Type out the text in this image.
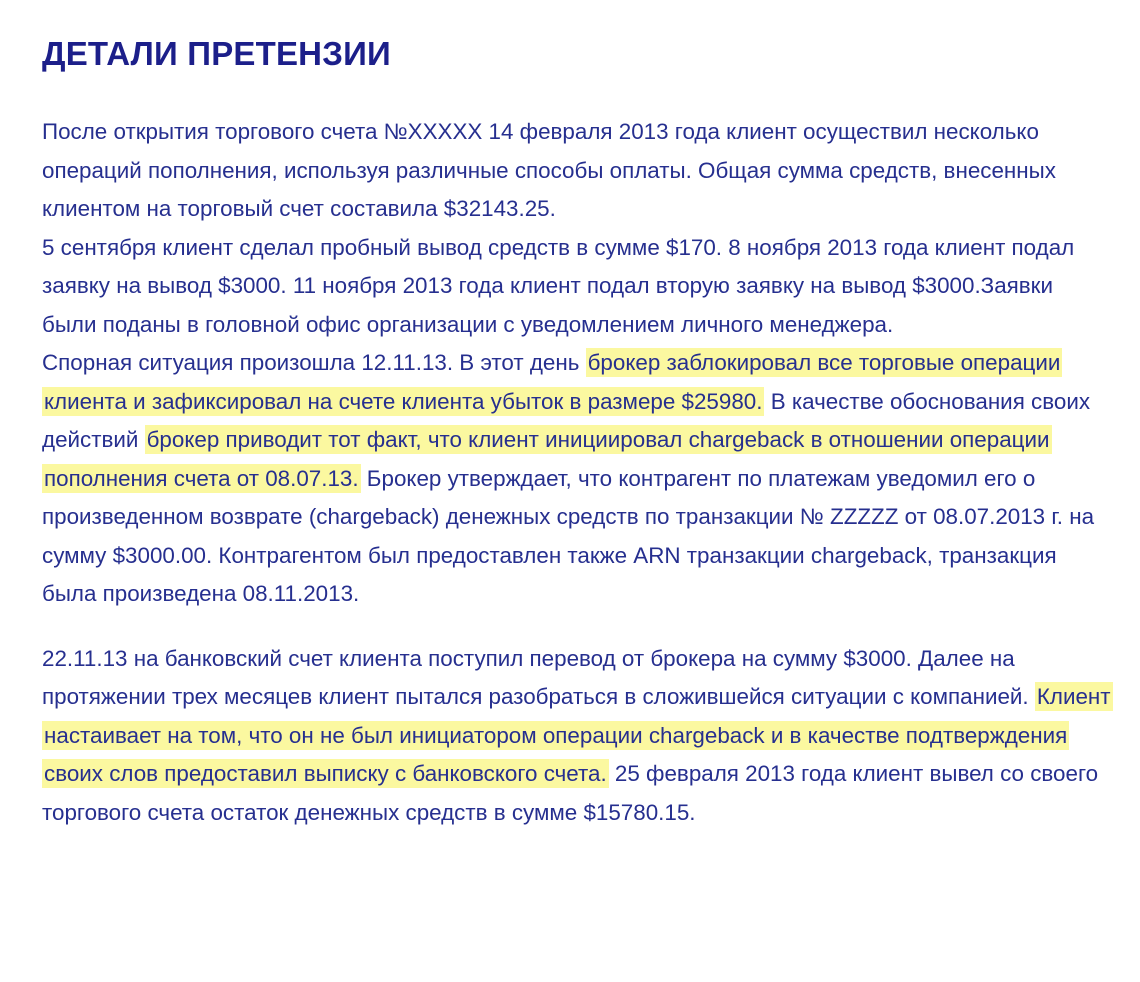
ДЕТАЛИ ПРЕТЕНЗИИ

После открытия торгового счета №XXXXX 14 февраля 2013 года клиент осуществил несколько операций пополнения, используя различные способы оплаты. Общая сумма средств, внесенных клиентом на торговый счет составила $32143.25.

5 сентября клиент сделал пробный вывод средств в сумме $170. 8 ноября 2013 года клиент подал заявку на вывод $3000. 11 ноября 2013 года клиент подал вторую заявку на вывод $3000.Заявки были поданы в головной офис организации с уведомлением личного менеджера.

Спорная ситуация произошла 12.11.13. В этот день брокер заблокировал все торговые операции клиента и зафиксировал на счете клиента убыток в размере $25980. В качестве обоснования своих действий брокер приводит тот факт, что клиент инициировал chargeback в отношении операции пополнения счета от 08.07.13. Брокер утверждает, что контрагент по платежам уведомил его о произведенном возврате (chargeback) денежных средств по транзакции № ZZZZZ от 08.07.2013 г. на сумму $3000.00. Контрагентом был предоставлен также ARN транзакции chargeback, транзакция была произведена 08.11.2013.

22.11.13 на банковский счет клиента поступил перевод от брокера на сумму $3000. Далее на протяжении трех месяцев клиент пытался разобраться в сложившейся ситуации с компанией. Клиент настаивает на том, что он не был инициатором операции chargeback и в качестве подтверждения своих слов предоставил выписку с банковского счета. 25 февраля 2013 года клиент вывел со своего торгового счета остаток денежных средств в сумме $15780.15.
